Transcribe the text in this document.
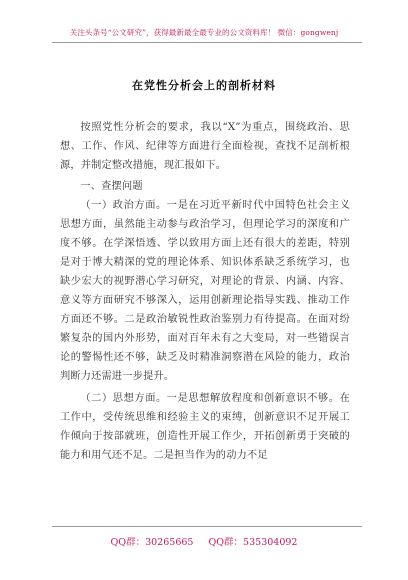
关注头条号“公文研究”，获得最新最全最专业的公文资料库！ 微信：gongwenj
在党性分析会上的剖析材料

按照党性分析会的要求，我以“X”为重点，围绕政治、思想、工作、作风、纪律等方面进行全面检视，查找不足剖析根源，并制定整改措施，现汇报如下。

一、查摆问题

（一）政治方面。一是在习近平新时代中国特色社会主义思想方面，虽然能主动参与政治学习，但理论学习的深度和广度不够。在学深悟透、学以致用方面上还有很大的差距，特别是对于博大精深的党的理论体系、知识体系缺乏系统学习，也缺少宏大的视野潜心学习研究，对理论的背景、内涵、内容、意义等方面研究不够深入，运用创新理论指导实践、推动工作方面还不够。二是政治敏锐性政治鉴别力有待提高。在面对纷繁复杂的国内外形势，面对百年未有之大变局，对一些错误言论的警惕性还不够，缺乏及时精准洞察潜在风险的能力，政治判断力还需进一步提升。

（二）思想方面。一是思想解放程度和创新意识不够。在工作中，受传统思维和经验主义的束缚，创新意识不足开展工作倾向于按部就班，创造性开展工作少，开拓创新勇于突破的能力和用气还不足。二是担当作为的动力不足

QQ群：30265665 QQ群：535304092
